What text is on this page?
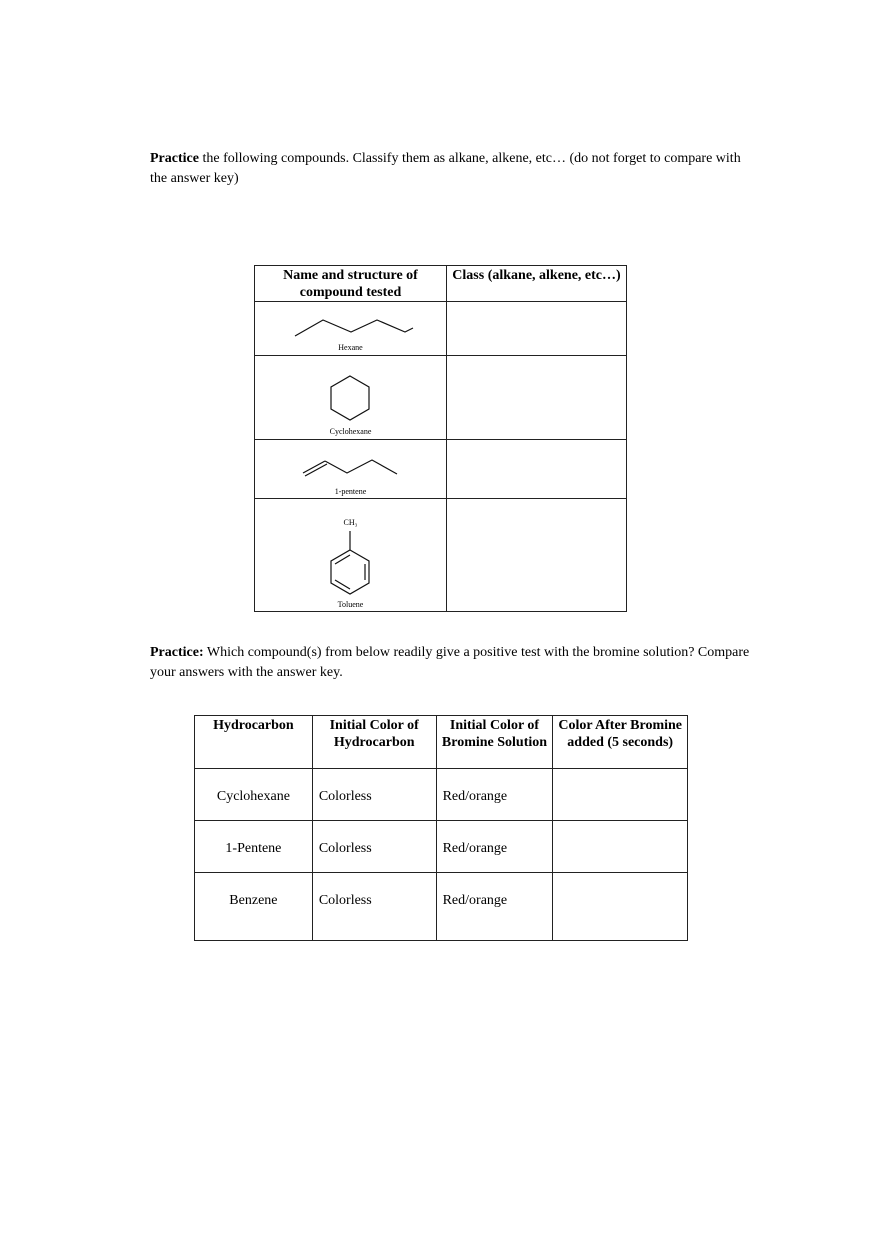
Practice the following compounds. Classify them as alkane, alkene, etc… (do not forget to compare with the answer key)
Name and structure of compound tested	Class (alkane, alkene, etc…)

Hexane	

Cyclohexane	

1-pentene	

CH₃
Toluene	

Practice: Which compound(s) from below readily give a positive test with the bromine solution? Compare your answers with the answer key.
Hydrocarbon	Initial Color of Hydrocarbon	Initial Color of Bromine Solution	Color After Bromine added (5 seconds)
Cyclohexane	Colorless	Red/orange	
1-Pentene	Colorless	Red/orange	
Benzene	Colorless	Red/orange	
